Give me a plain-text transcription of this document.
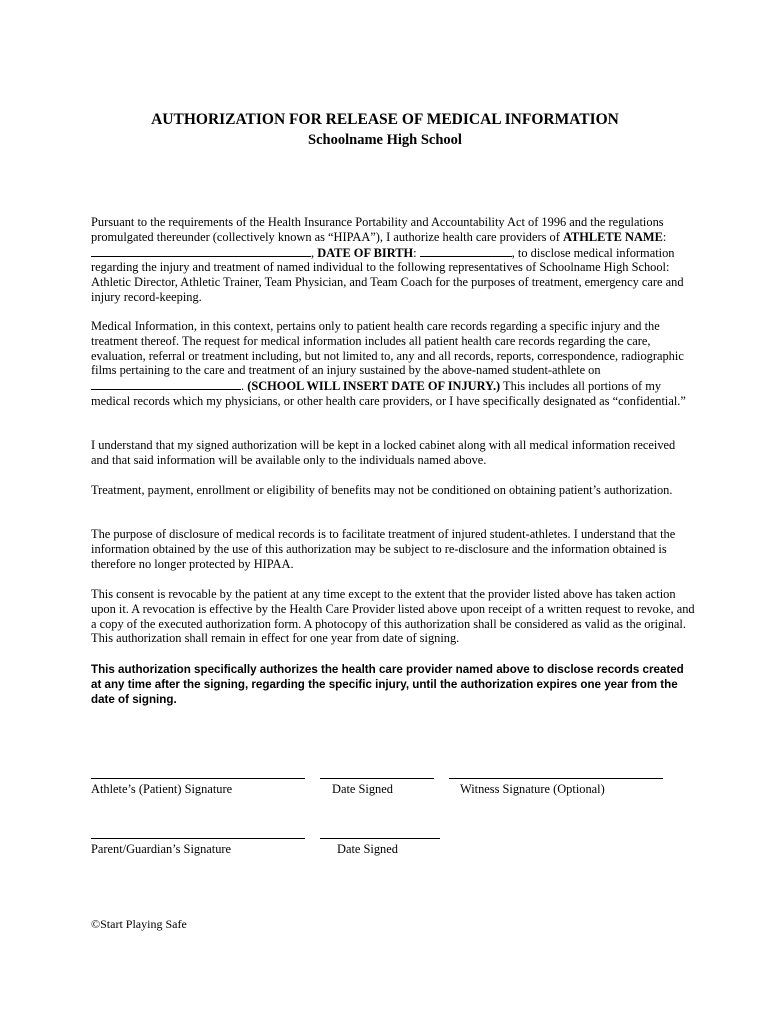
AUTHORIZATION FOR RELEASE OF MEDICAL INFORMATION
Schoolname High School

Pursuant to the requirements of the Health Insurance Portability and Accountability Act of 1996 and the regulations promulgated thereunder (collectively known as “HIPAA”), I authorize health care providers of ATHLETE NAME:, DATE OF BIRTH:	, to disclose medical information regarding the injury and treatment of named individual to the following representatives of Schoolname High School: Athletic Director, Athletic Trainer, Team Physician, and Team Coach for the purposes of treatment, emergency care and injury record-keeping.

Medical Information, in this context, pertains only to patient health care records regarding a specific injury and the treatment thereof. The request for medical information includes all patient health care records regarding the care, evaluation, referral or treatment including, but not limited to, any and all records, reports, correspondence, radiographic films pertaining to the care and treatment of an injury sustained by the above-named student-athlete on . (SCHOOL WILL INSERT DATE OF INJURY.) This includes all portions of my medical records which my physicians, or other health care providers, or I have specifically designated as “confidential.”

I understand that my signed authorization will be kept in a locked cabinet along with all medical information received and that said information will be available only to the individuals named above.

Treatment, payment, enrollment or eligibility of benefits may not be conditioned on obtaining patient’s authorization.

The purpose of disclosure of medical records is to facilitate treatment of injured student-athletes. I understand that the information obtained by the use of this authorization may be subject to re-disclosure and the information obtained is therefore no longer protected by HIPAA.

This consent is revocable by the patient at any time except to the extent that the provider listed above has taken action upon it. A revocation is effective by the Health Care Provider listed above upon receipt of a written request to revoke, and a copy of the executed authorization form. A photocopy of this authorization shall be considered as valid as the original. This authorization shall remain in effect for one year from date of signing.

This authorization specifically authorizes the health care provider named above to disclose records created at any time after the signing, regarding the specific injury, until the authorization expires one year from the date of signing.

Athlete’s (Patient) Signature	Date Signed	Witness Signature (Optional)
Parent/Guardian’s Signature	Date Signed
©Start Playing Safe
